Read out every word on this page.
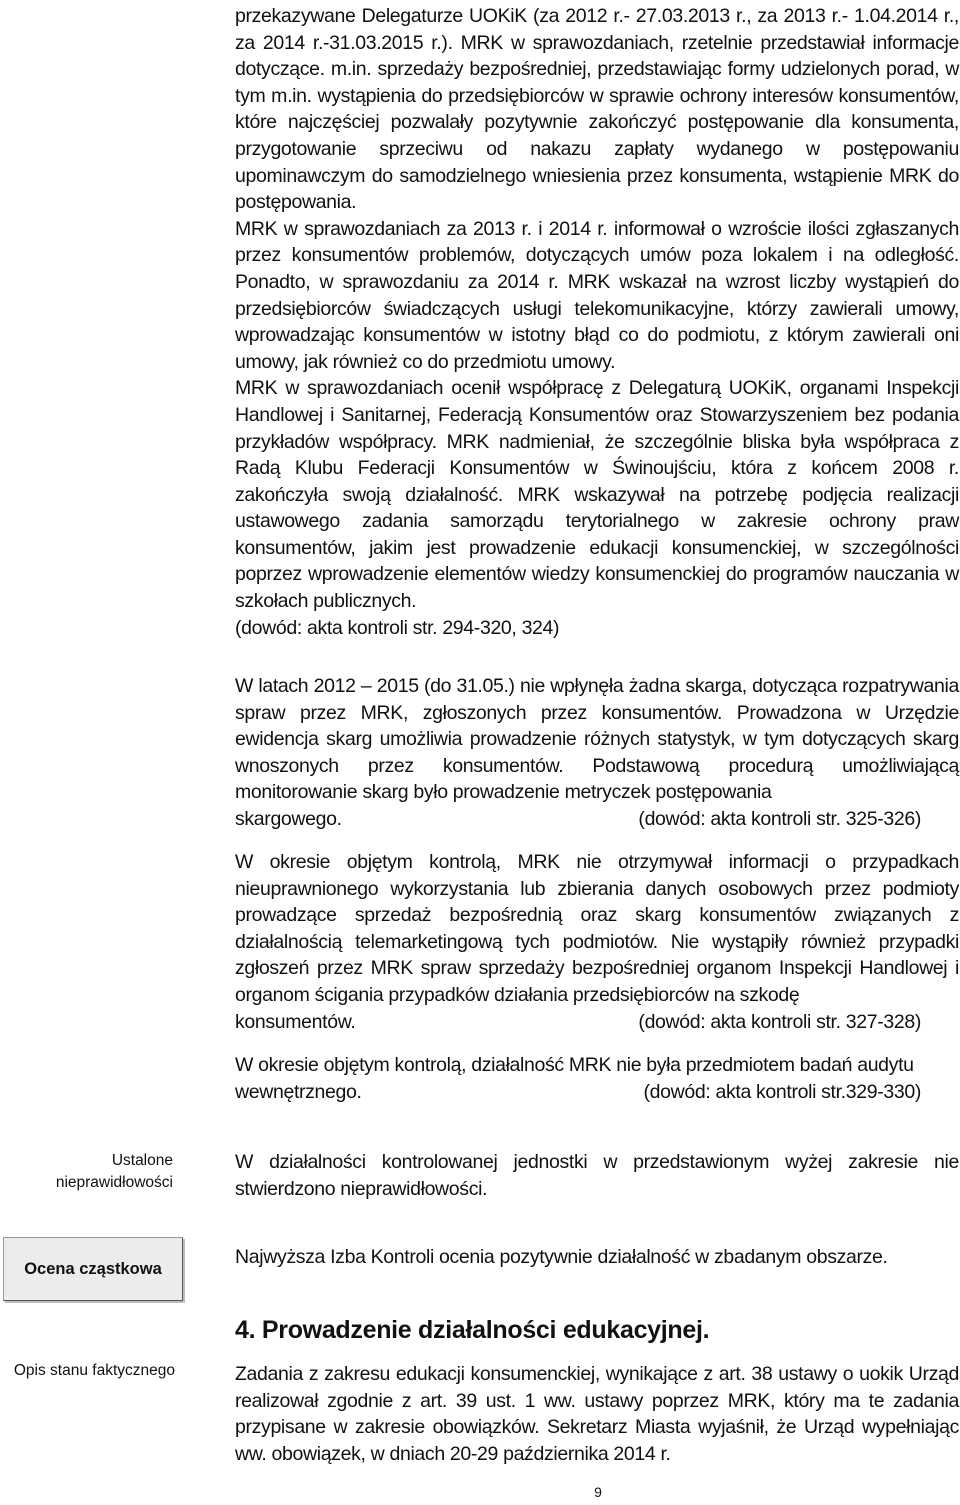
przekazywane Delegaturze UOKiK (za 2012 r.- 27.03.2013 r., za 2013 r.- 1.04.2014 r., za 2014 r.-31.03.2015 r.). MRK w sprawozdaniach, rzetelnie przedstawiał informacje dotyczące. m.in. sprzedaży bezpośredniej, przedstawiając formy udzielonych porad, w tym m.in. wystąpienia do przedsiębiorców w sprawie ochrony interesów konsumentów, które najczęściej pozwalały pozytywnie zakończyć postępowanie dla konsumenta, przygotowanie sprzeciwu od nakazu zapłaty wydanego w postępowaniu upominawczym do samodzielnego wniesienia przez konsumenta, wstąpienie MRK do postępowania.

MRK w sprawozdaniach za 2013 r. i 2014 r. informował o wzroście ilości zgłaszanych przez konsumentów problemów, dotyczących umów poza lokalem i na odległość. Ponadto, w sprawozdaniu za 2014 r. MRK wskazał na wzrost liczby wystąpień do przedsiębiorców świadczących usługi telekomunikacyjne, którzy zawierali umowy, wprowadzając konsumentów w istotny błąd co do podmiotu, z którym zawierali oni umowy, jak również co do przedmiotu umowy.

MRK w sprawozdaniach ocenił współpracę z Delegaturą UOKiK, organami Inspekcji Handlowej i Sanitarnej, Federacją Konsumentów oraz Stowarzyszeniem bez podania przykładów współpracy. MRK nadmieniał, że szczególnie bliska była współpraca z Radą Klubu Federacji Konsumentów w Świnoujściu, która z końcem 2008 r. zakończyła swoją działalność. MRK wskazywał na potrzebę podjęcia realizacji ustawowego zadania samorządu terytorialnego w zakresie ochrony praw konsumentów, jakim jest prowadzenie edukacji konsumenckiej, w szczególności poprzez wprowadzenie elementów wiedzy konsumenckiej do programów nauczania w szkołach publicznych.

(dowód: akta kontroli str. 294-320, 324)

W latach 2012 – 2015 (do 31.05.) nie wpłynęła żadna skarga, dotycząca rozpatrywania spraw przez MRK, zgłoszonych przez konsumentów. Prowadzona w Urzędzie ewidencja skarg umożliwia prowadzenie różnych statystyk, w tym dotyczących skarg wnoszonych przez konsumentów. Podstawową procedurą umożliwiającą monitorowanie skarg było prowadzenie metryczek postępowania
skargowego.	(dowód: akta kontroli str. 325-326)

W okresie objętym kontrolą, MRK nie otrzymywał informacji o przypadkach nieuprawnionego wykorzystania lub zbierania danych osobowych przez podmioty prowadzące sprzedaż bezpośrednią oraz skarg konsumentów związanych z działalnością telemarketingową tych podmiotów. Nie wystąpiły również przypadki zgłoszeń przez MRK spraw sprzedaży bezpośredniej organom Inspekcji Handlowej i organom ścigania przypadków działania przedsiębiorców na szkodę
konsumentów.	(dowód: akta kontroli str. 327-328)

W okresie objętym kontrolą, działalność MRK nie była przedmiotem badań audytu
wewnętrznego.	(dowód: akta kontroli str.329-330)

Ustalone nieprawidłowości

W działalności kontrolowanej jednostki w przedstawionym wyżej zakresie nie stwierdzono nieprawidłowości.

Ocena cząstkowa

Najwyższa Izba Kontroli ocenia pozytywnie działalność w zbadanym obszarze.

4. Prowadzenie działalności edukacyjnej.
Opis stanu faktycznego	Zadania z zakresu edukacji konsumenckiej, wynikające z art. 38 ustawy o uokik Urząd realizował zgodnie z art. 39 ust. 1 ww. ustawy poprzez MRK, który ma te zadania przypisane w zakresie obowiązków. Sekretarz Miasta wyjaśnił, że Urząd wypełniając ww. obowiązek, w dniach 20-29 października 2014 r.

9
